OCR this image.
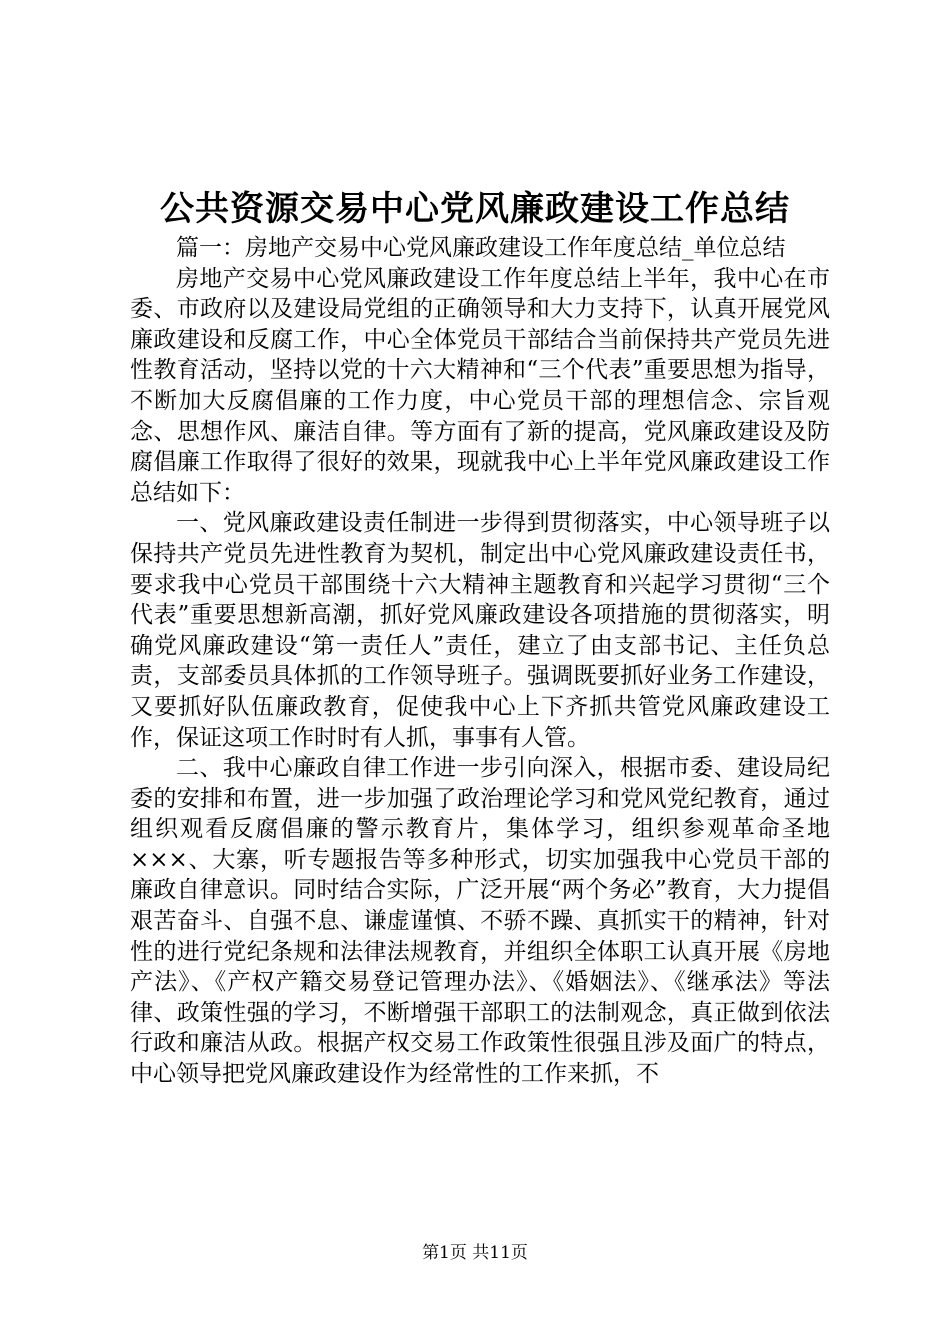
公共资源交易中心党风廉政建设工作总结

篇一：房地产交易中心党风廉政建设工作年度总结_单位总结

房地产交易中心党风廉政建设工作年度总结上半年，我中心在市委、市政府以及建设局党组的正确领导和大力支持下，认真开展党风廉政建设和反腐工作，中心全体党员干部结合当前保持共产党员先进性教育活动，坚持以党的十六大精神和“三个代表”重要思想为指导，不断加大反腐倡廉的工作力度，中心党员干部的理想信念、宗旨观念、思想作风、廉洁自律。等方面有了新的提高，党风廉政建设及防腐倡廉工作取得了很好的效果，现就我中心上半年党风廉政建设工作总结如下：

一、党风廉政建设责任制进一步得到贯彻落实，中心领导班子以保持共产党员先进性教育为契机，制定出中心党风廉政建设责任书，要求我中心党员干部围绕十六大精神主题教育和兴起学习贯彻“三个代表”重要思想新高潮，抓好党风廉政建设各项措施的贯彻落实，明确党风廉政建设“第一责任人”责任，建立了由支部书记、主任负总责，支部委员具体抓的工作领导班子。强调既要抓好业务工作建设，又要抓好队伍廉政教育，促使我中心上下齐抓共管党风廉政建设工作，保证这项工作时时有人抓，事事有人管。

二、我中心廉政自律工作进一步引向深入，根据市委、建设局纪委的安排和布置，进一步加强了政治理论学习和党风党纪教育，通过组织观看反腐倡廉的警示教育片，集体学习，组织参观革命圣地×××、大寨，听专题报告等多种形式，切实加强我中心党员干部的廉政自律意识。同时结合实际，广泛开展“两个务必”教育，大力提倡艰苦奋斗、自强不息、谦虚谨慎、不骄不躁、真抓实干的精神，针对性的进行党纪条规和法律法规教育，并组织全体职工认真开展《房地产法》、《产权产籍交易登记管理办法》、《婚姻法》、《继承法》等法律、政策性强的学习，不断增强干部职工的法制观念，真正做到依法行政和廉洁从政。根据产权交易工作政策性很强且涉及面广的特点，中心领导把党风廉政建设作为经常性的工作来抓，不

第1页 共11页
